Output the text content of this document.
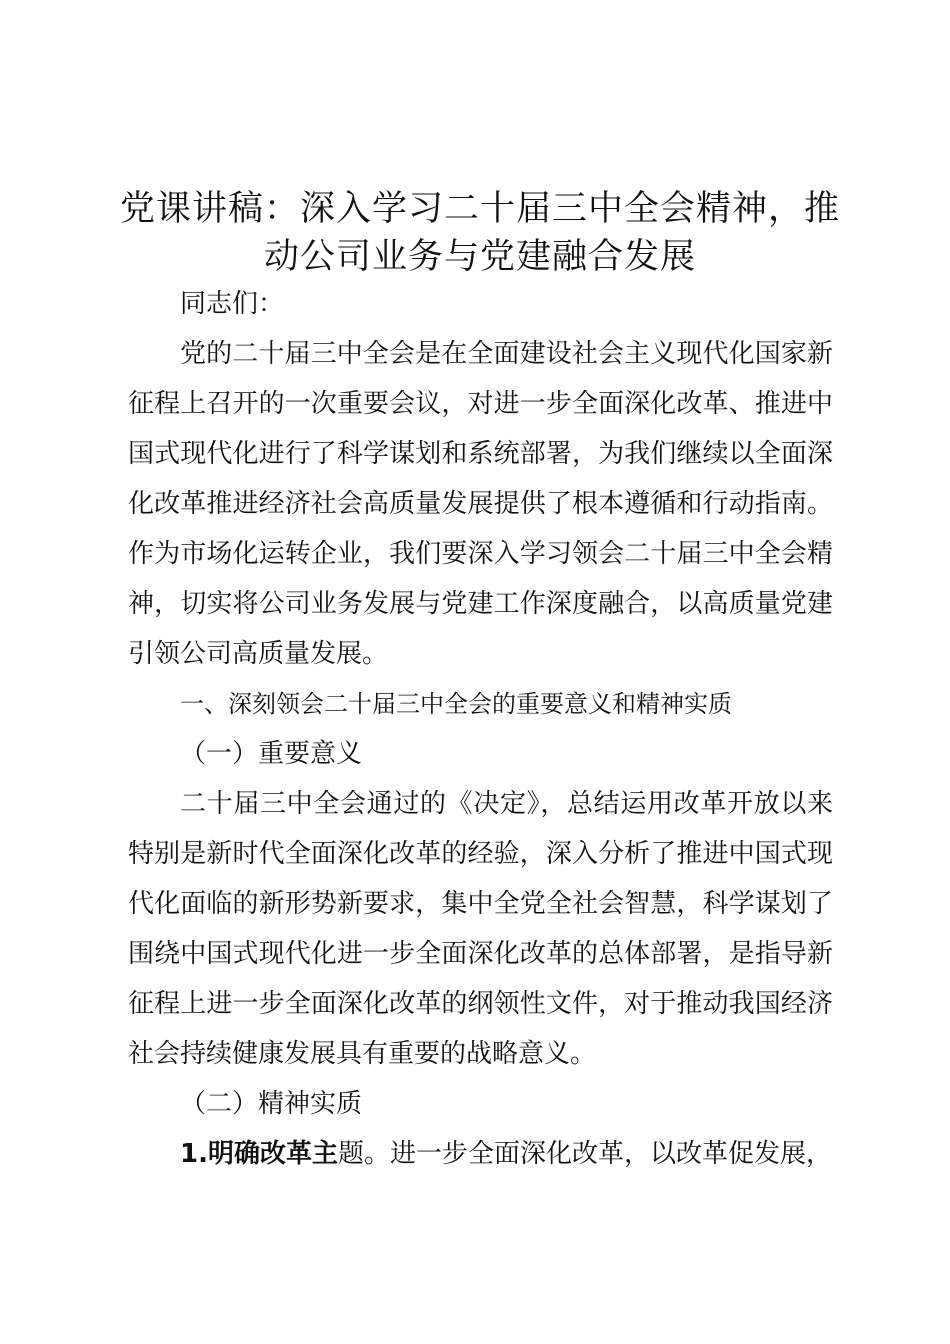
党课讲稿：深入学习二十届三中全会精神，推
动公司业务与党建融合发展
同志们：
党的二十届三中全会是在全面建设社会主义现代化国家新
征程上召开的一次重要会议，对进一步全面深化改革、推进中
国式现代化进行了科学谋划和系统部署，为我们继续以全面深
化改革推进经济社会高质量发展提供了根本遵循和行动指南。
作为市场化运转企业，我们要深入学习领会二十届三中全会精
神，切实将公司业务发展与党建工作深度融合，以高质量党建
引领公司高质量发展。
一、深刻领会二十届三中全会的重要意义和精神实质
（一）重要意义
二十届三中全会通过的《决定》，总结运用改革开放以来
特别是新时代全面深化改革的经验，深入分析了推进中国式现
代化面临的新形势新要求，集中全党全社会智慧，科学谋划了
围绕中国式现代化进一步全面深化改革的总体部署，是指导新
征程上进一步全面深化改革的纲领性文件，对于推动我国经济
社会持续健康发展具有重要的战略意义。
（二）精神实质
1.明确改革主题。进一步全面深化改革，以改革促发展，
